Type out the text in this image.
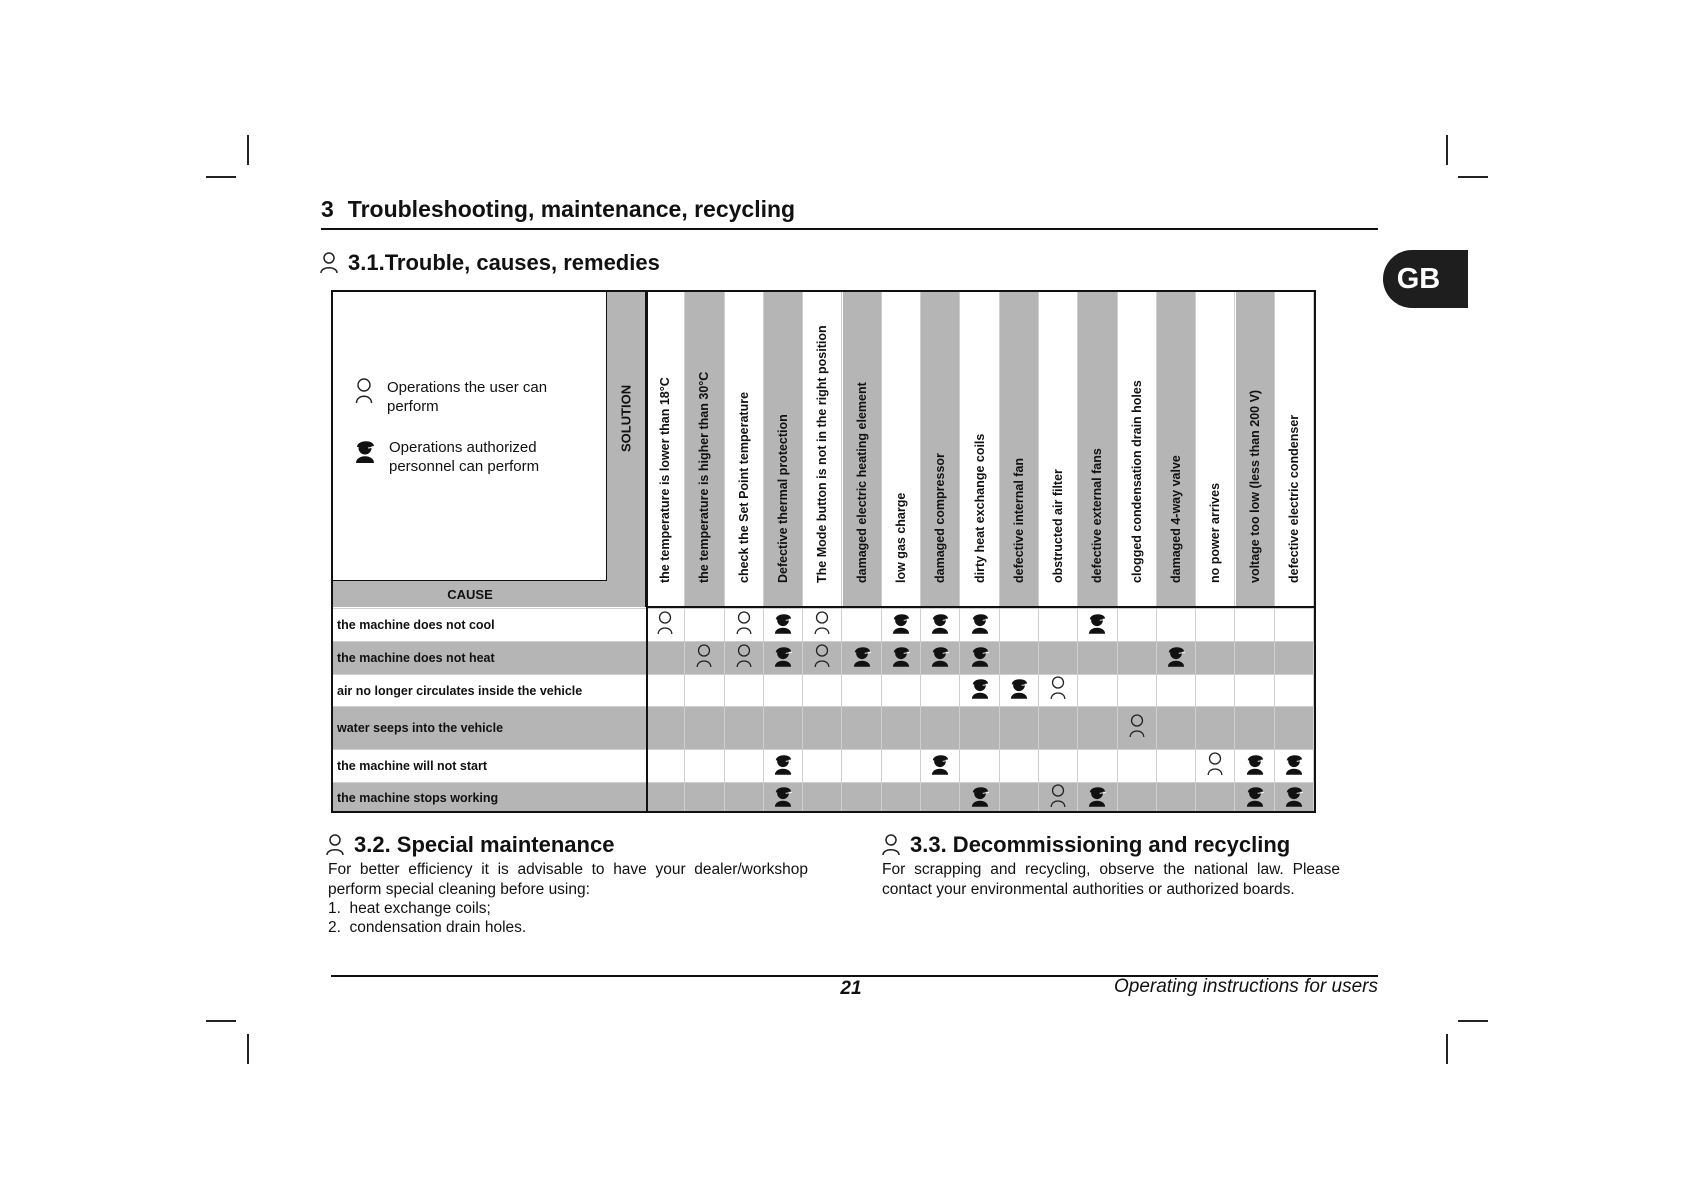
3 Troubleshooting, maintenance, recycling
GB
3.1.Trouble, causes, remedies
Operations the user can perform
Operations authorized personnel can perform
CAUSE
SOLUTION the temperature is lower than 18°C the temperature is higher than 30°C check the Set Point temperature Defective thermal protection The Mode button is not in the right position damaged electric heating element low gas charge damaged compressor dirty heat exchange coils defective internal fan obstructed air filter defective external fans clogged condensation drain holes damaged 4-way valve no power arrives voltage too low (less than 200 V) defective electric condenser
the machine does not cool
the machine does not heat
air no longer circulates inside the vehicle
water seeps into the vehicle
the machine will not start
the machine stops working
3.2. Special maintenance
For better efficiency it is advisable to have your dealer/workshop perform special cleaning before using:
1.  heat exchange coils;
2.  condensation drain holes.
3.3. Decommissioning and recycling
For scrapping and recycling, observe the national law. Please contact your environmental authorities or authorized boards.
21	Operating instructions for users
